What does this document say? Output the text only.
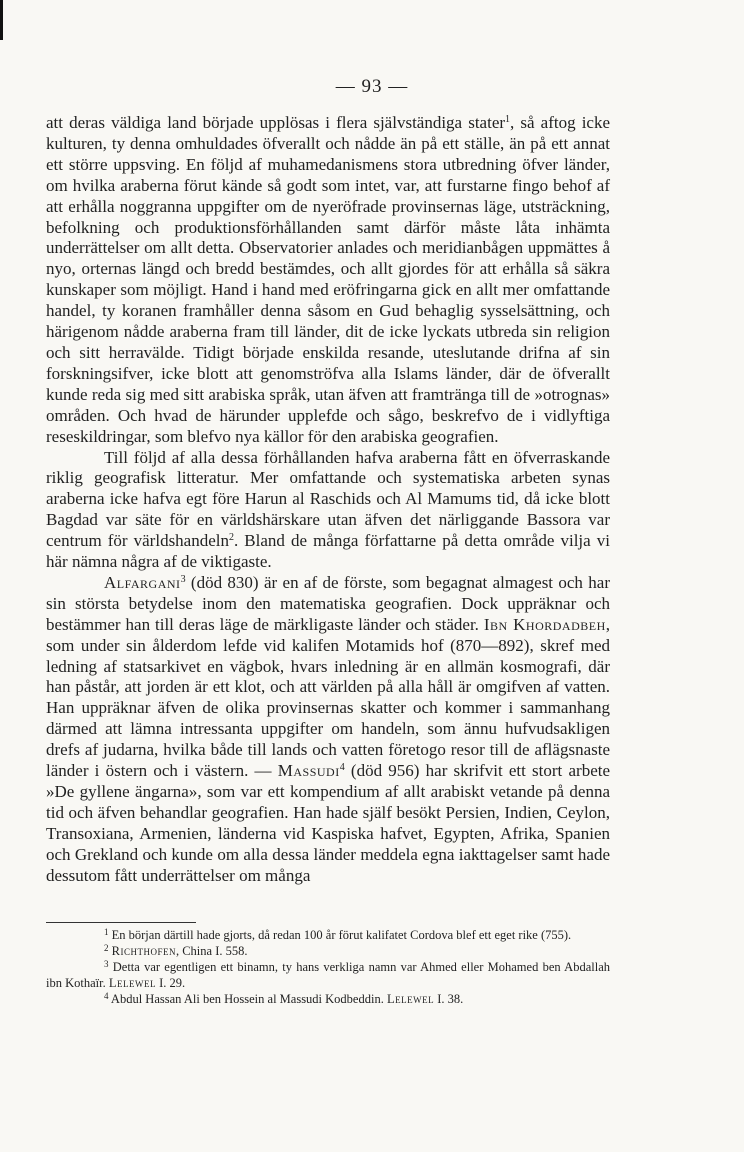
— 93 —

att deras väldiga land började upplösas i flera självständiga stater$^1$, så aftog icke kulturen, ty denna omhuldades öfverallt och nådde än på ett ställe, än på ett annat ett större uppsving. En följd af muhamedanismens stora utbredning öfver länder, om hvilka araberna förut kände så godt som intet, var, att furstarne fingo behof af att erhålla noggranna uppgifter om de nyeröfrade provinsernas läge, utsträckning, befolkning och produktionsförhållanden samt därför måste låta inhämta underrättelser om allt detta. Observatorier anlades och meridianbågen uppmättes å nyo, orternas längd och bredd bestämdes, och allt gjordes för att erhålla så säkra kunskaper som möjligt. Hand i hand med eröfringarna gick en allt mer omfattande handel, ty koranen framhåller denna såsom en Gud behaglig sysselsättning, och härigenom nådde araberna fram till länder, dit de icke lyckats utbreda sin religion och sitt herravälde. Tidigt började enskilda resande, uteslutande drifna af sin forskningsifver, icke blott att genomströfva alla Islams länder, där de öfverallt kunde reda sig med sitt arabiska språk, utan äfven att framtränga till de »otrognas» områden. Och hvad de härunder upplefde och sågo, beskrefvo de i vidlyftiga reseskildringar, som blefvo nya källor för den arabiska geografien.

Till följd af alla dessa förhållanden hafva araberna fått en öfverraskande riklig geografisk litteratur. Mer omfattande och systematiska arbeten synas araberna icke hafva egt före Harun al Raschids och Al Mamums tid, då icke blott Bagdad var säte för en världshärskare utan äfven det närliggande Bassora var centrum för världshandeln$^2$. Bland de många författarne på detta område vilja vi här nämna några af de viktigaste.

Alfargani$^3$ (död 830) är en af de förste, som begagnat almagest och har sin största betydelse inom den matematiska geografien. Dock uppräknar och bestämmer han till deras läge de märkligaste länder och städer. Ibn Khordadbeh, som under sin ålderdom lefde vid kalifen Motamids hof (870—892), skref med ledning af statsarkivet en vägbok, hvars inledning är en allmän kosmografi, där han påstår, att jorden är ett klot, och att världen på alla håll är omgifven af vatten. Han uppräknar äfven de olika provinsernas skatter och kommer i sammanhang därmed att lämna intressanta uppgifter om handeln, som ännu hufvudsakligen drefs af judarna, hvilka både till lands och vatten företogo resor till de aflägsnaste länder i östern och i västern. — Massudi$^4$ (död 956) har skrifvit ett stort arbete »De gyllene ängarna», som var ett kompendium af allt arabiskt vetande på denna tid och äfven behandlar geografien. Han hade själf besökt Persien, Indien, Ceylon, Transoxiana, Armenien, länderna vid Kaspiska hafvet, Egypten, Afrika, Spanien och Grekland och kunde om alla dessa länder meddela egna iakttagelser samt hade dessutom fått underrättelser om många

$^1$ En början därtill hade gjorts, då redan 100 år förut kalifatet Cordova blef ett eget rike (755).

$^2$ Richthofen, China I. 558.

$^3$ Detta var egentligen ett binamn, ty hans verkliga namn var Ahmed eller Mohamed ben Abdallah ibn Kothaïr. Lelewel I. 29.

$^4$ Abdul Hassan Ali ben Hossein al Massudi Kodbeddin. Lelewel I. 38.
